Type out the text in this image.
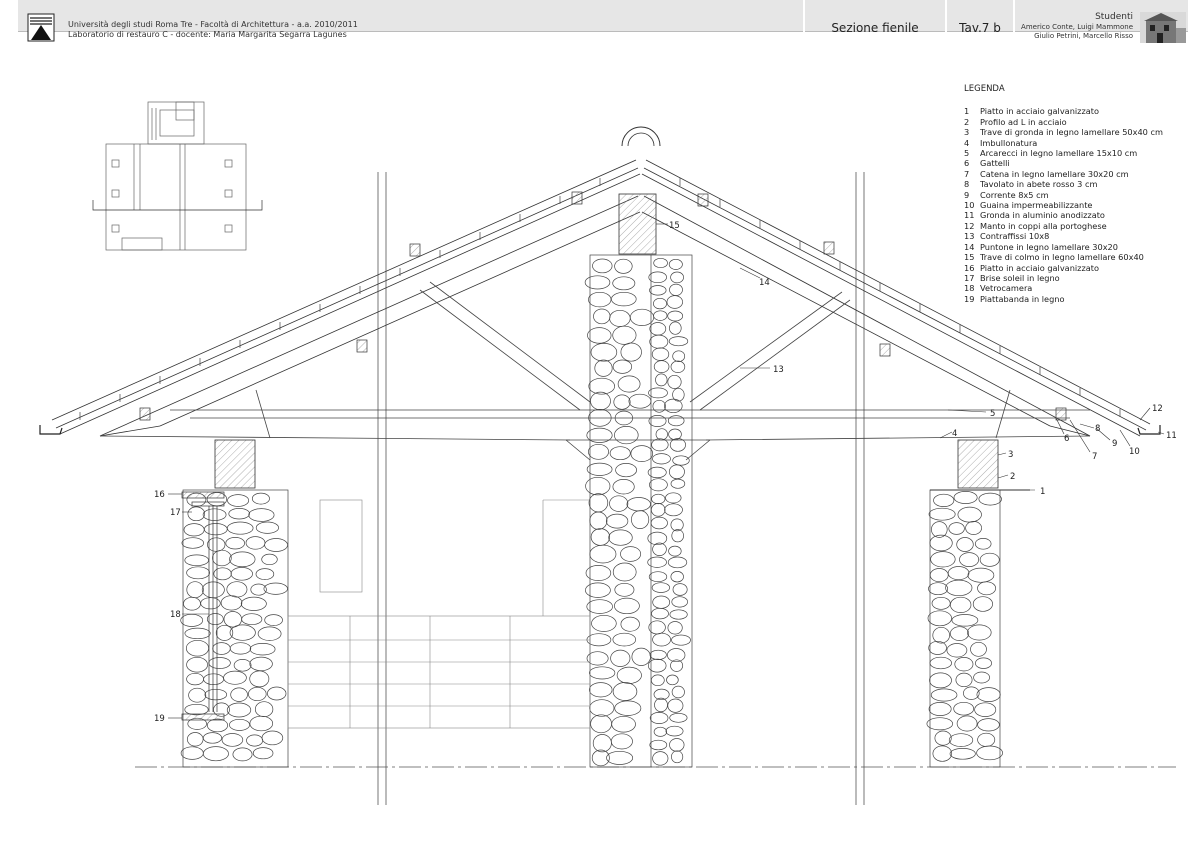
Università degli studi Roma Tre - Facoltà di Architettura - a.a. 2010/2011
Laboratorio di restauro C - docente: Maria Margarita Segarra Lagunes	Sezione fienile	Tav.7 b
Studenti
Americo Conte, Luigi Mammone
Giulio Petrini, Marcello Risso
LEGENDA
1	Piatto in acciaio galvanizzato
2	Profilo ad L in acciaio
3	Trave di gronda in legno lamellare 50x40 cm
4	Imbullonatura
5	Arcarecci in legno lamellare 15x10 cm
6	Gattelli
7	Catena in legno lamellare 30x20 cm
8	Tavolato in abete rosso 3 cm
9	Corrente 8x5 cm
10 Guaina impermeabilizzante
11 Gronda in aluminio anodizzato
12 Manto in coppi alla portoghese
13 Contraffissi 10x8
14 Puntone in legno lamellare 30x20
15 Trave di colmo in legno lamellare 60x40
16 Piatto in acciaio galvanizzato
17 Brise soleil in legno
18 Vetrocamera
19 Piattabanda in legno
1
2
3
4
5
6
7
8
9
10
11
12
13
14
15
16
17
18
19
